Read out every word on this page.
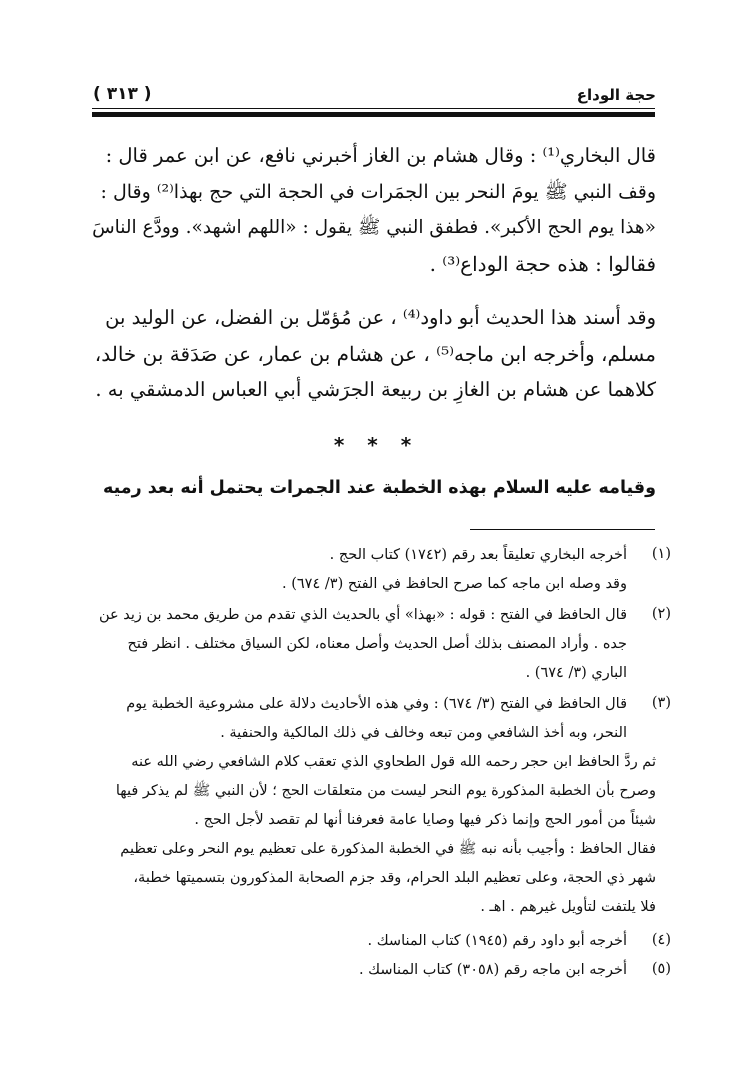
حجة الوداع
( ٣١٣ )
قال البخاري⁽¹⁾ : وقال هشام بن الغاز أخبرني نافع، عن ابن عمر قال :
وقف النبي ﷺ يومَ النحر بين الجمَرات في الحجة التي حج بهذا⁽²⁾ وقال :
«هذا يوم الحج الأكبر». فطفق النبي ﷺ يقول : «اللهم اشهد». وودَّع الناسَ
فقالوا : هذه حجة الوداع⁽³⁾ .
وقد أسند هذا الحديث أبو داود⁽⁴⁾ ، عن مُؤمّل بن الفضل، عن الوليد بن
مسلم، وأخرجه ابن ماجه⁽⁵⁾ ، عن هشام بن عمار، عن صَدَقة بن خالد،
كلاهما عن هشام بن الغازِ بن ربيعة الجرَشي أبي العباس الدمشقي به .
* * *
وقيامه عليه السلام بهذه الخطبة عند الجمرات يحتمل أنه بعد رميه
(١)
أخرجه البخاري تعليقاً بعد رقم (١٧٤٢) كتاب الحج .
وقد وصله ابن ماجه كما صرح الحافظ في الفتح (٣/ ٦٧٤) .
(٢)
قال الحافظ في الفتح : قوله : «بهذا» أي بالحديث الذي تقدم من طريق محمد بن زيد عن
جده . وأراد المصنف بذلك أصل الحديث وأصل معناه، لكن السياق مختلف . انظر فتح
الباري (٣/ ٦٧٤) .
(٣)
قال الحافظ في الفتح (٣/ ٦٧٤) : وفي هذه الأحاديث دلالة على مشروعية الخطبة يوم
النحر، وبه أخذ الشافعي ومن تبعه وخالف في ذلك المالكية والحنفية .
ثم ردَّ الحافظ ابن حجر رحمه الله قول الطحاوي الذي تعقب كلام الشافعي رضي الله عنه
وصرح بأن الخطبة المذكورة يوم النحر ليست من متعلقات الحج ؛ لأن النبي ﷺ لم يذكر فيها
شيئاً من أمور الحج وإنما ذكر فيها وصايا عامة فعرفنا أنها لم تقصد لأجل الحج .
فقال الحافظ : وأجيب بأنه نبه ﷺ في الخطبة المذكورة على تعظيم يوم النحر وعلى تعظيم
شهر ذي الحجة، وعلى تعظيم البلد الحرام، وقد جزم الصحابة المذكورون بتسميتها خطبة،
فلا يلتفت لتأويل غيرهم . اهـ .
(٤)
أخرجه أبو داود رقم (١٩٤٥) كتاب المناسك .
(٥)
أخرجه ابن ماجه رقم (٣٠٥٨) كتاب المناسك .
